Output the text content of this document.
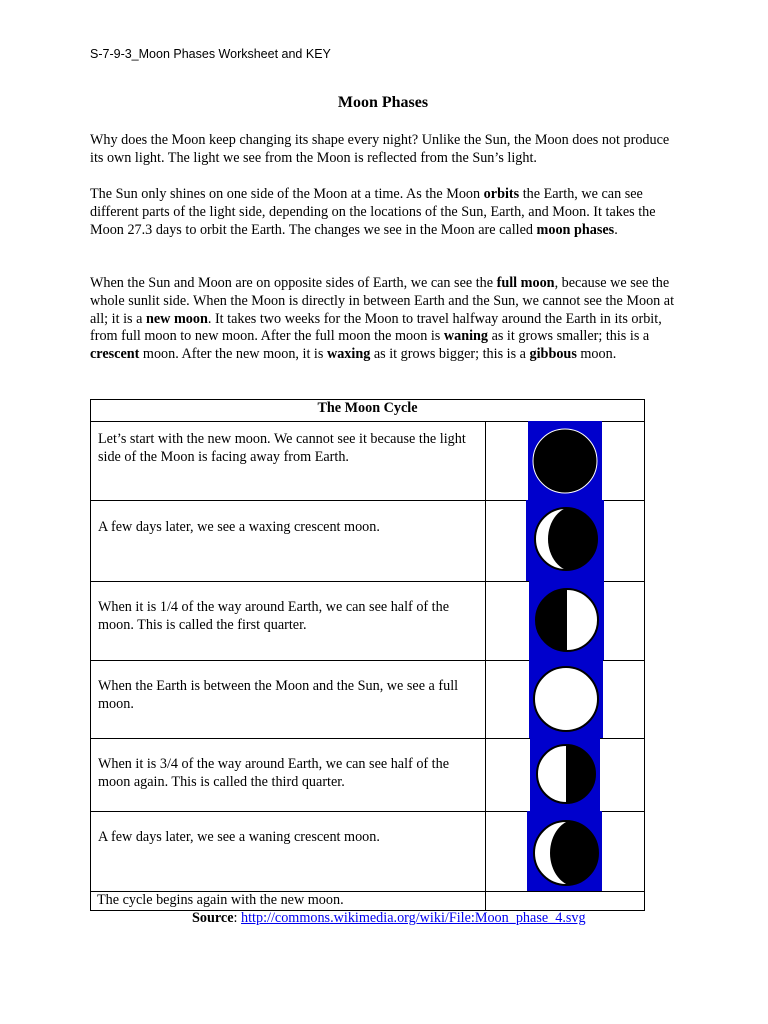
S-7-9-3_Moon Phases Worksheet and KEY
Moon Phases
Why does the Moon keep changing its shape every night? Unlike the Sun, the Moon does not produce its own light. The light we see from the Moon is reflected from the Sun’s light.
The Sun only shines on one side of the Moon at a time. As the Moon orbits the Earth, we can see different parts of the light side, depending on the locations of the Sun, Earth, and Moon. It takes the Moon 27.3 days to orbit the Earth. The changes we see in the Moon are called moon phases.
When the Sun and Moon are on opposite sides of Earth, we can see the full moon, because we see the whole sunlit side. When the Moon is directly in between Earth and the Sun, we cannot see the Moon at all; it is a new moon. It takes two weeks for the Moon to travel halfway around the Earth in its orbit, from full moon to new moon. After the full moon the moon is waning as it grows smaller; this is a crescent moon. After the new moon, it is waxing as it grows bigger; this is a gibbous moon.
The Moon Cycle	
Let’s start with the new moon. We cannot see it because the light side of the Moon is facing away from Earth.	
A few days later, we see a waxing crescent moon.	
When it is 1/4 of the way around Earth, we can see half of the moon. This is called the first quarter.	
When the Earth is between the Moon and the Sun, we see a full moon.	
When it is 3/4 of the way around Earth, we can see half of the moon again. This is called the third quarter.	
A few days later, we see a waning crescent moon.	
The cycle begins again with the new moon.	
Source: http://commons.wikimedia.org/wiki/File:Moon_phase_4.svg
